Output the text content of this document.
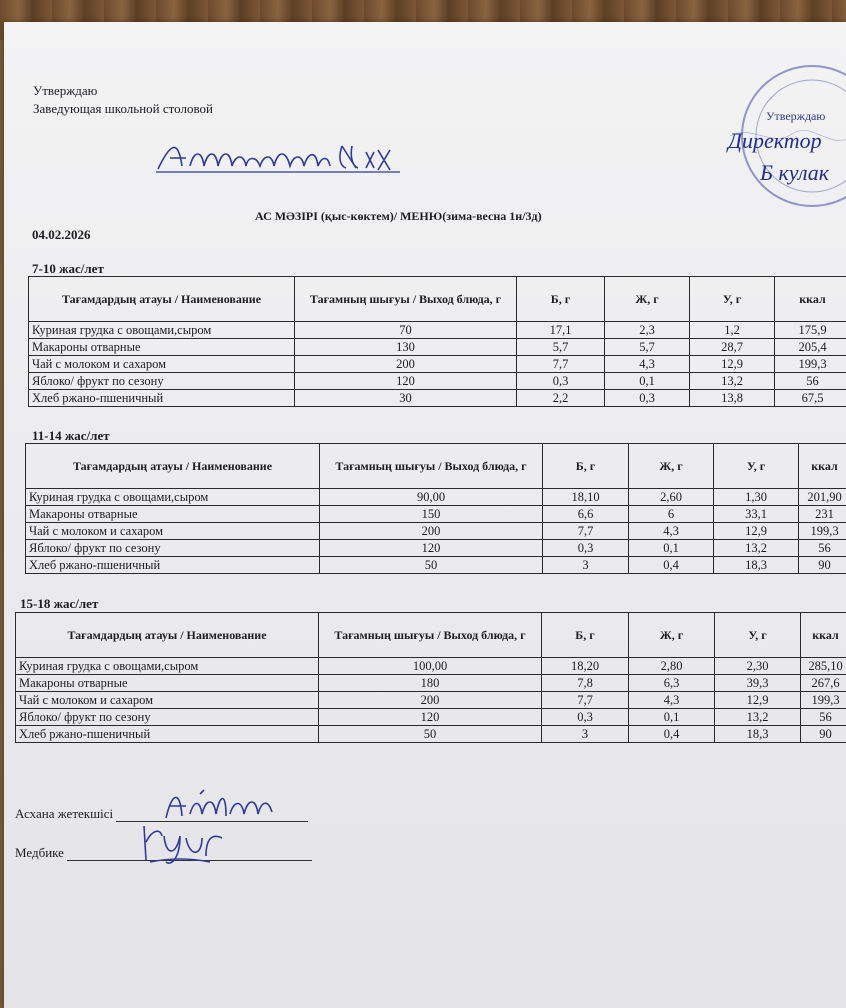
Утверждаю
Заведующая школьной столовой	Утверждаю
Директор
Б кулак
АС МӘЗІРІ (қыс-көктем)/ МЕНЮ(зима-весна 1н/3д)
04.02.2026
7-10 жас/лет
Тағамдардың атауы / Наименование	Тағамның шығуы / Выход блюда, г	Б, г	Ж, г	У, г	ккал
Куриная грудка с овощами,сыром	70	17,1	2,3	1,2	175,9
Макароны отварные	130	5,7	5,7	28,7	205,4
Чай с молоком и сахаром	200	7,7	4,3	12,9	199,3
Яблоко/ фрукт по сезону	120	0,3	0,1	13,2	56
Хлеб ржано-пшеничный	30	2,2	0,3	13,8	67,5
11-14 жас/лет
Тағамдардың атауы / Наименование	Тағамның шығуы / Выход блюда, г	Б, г	Ж, г	У, г	ккал
Куриная грудка с овощами,сыром	90,00	18,10	2,60	1,30	201,90
Макароны отварные	150	6,6	6	33,1	231
Чай с молоком и сахаром	200	7,7	4,3	12,9	199,3
Яблоко/ фрукт по сезону	120	0,3	0,1	13,2	56
Хлеб ржано-пшеничный	50	3	0,4	18,3	90
15-18 жас/лет
Тағамдардың атауы / Наименование	Тағамның шығуы / Выход блюда, г	Б, г	Ж, г	У, г	ккал
Куриная грудка с овощами,сыром	100,00	18,20	2,80	2,30	285,10
Макароны отварные	180	7,8	6,3	39,3	267,6
Чай с молоком и сахаром	200	7,7	4,3	12,9	199,3
Яблоко/ фрукт по сезону	120	0,3	0,1	13,2	56
Хлеб ржано-пшеничный	50	3	0,4	18,3	90
Асхана жетекшісі
Медбике
